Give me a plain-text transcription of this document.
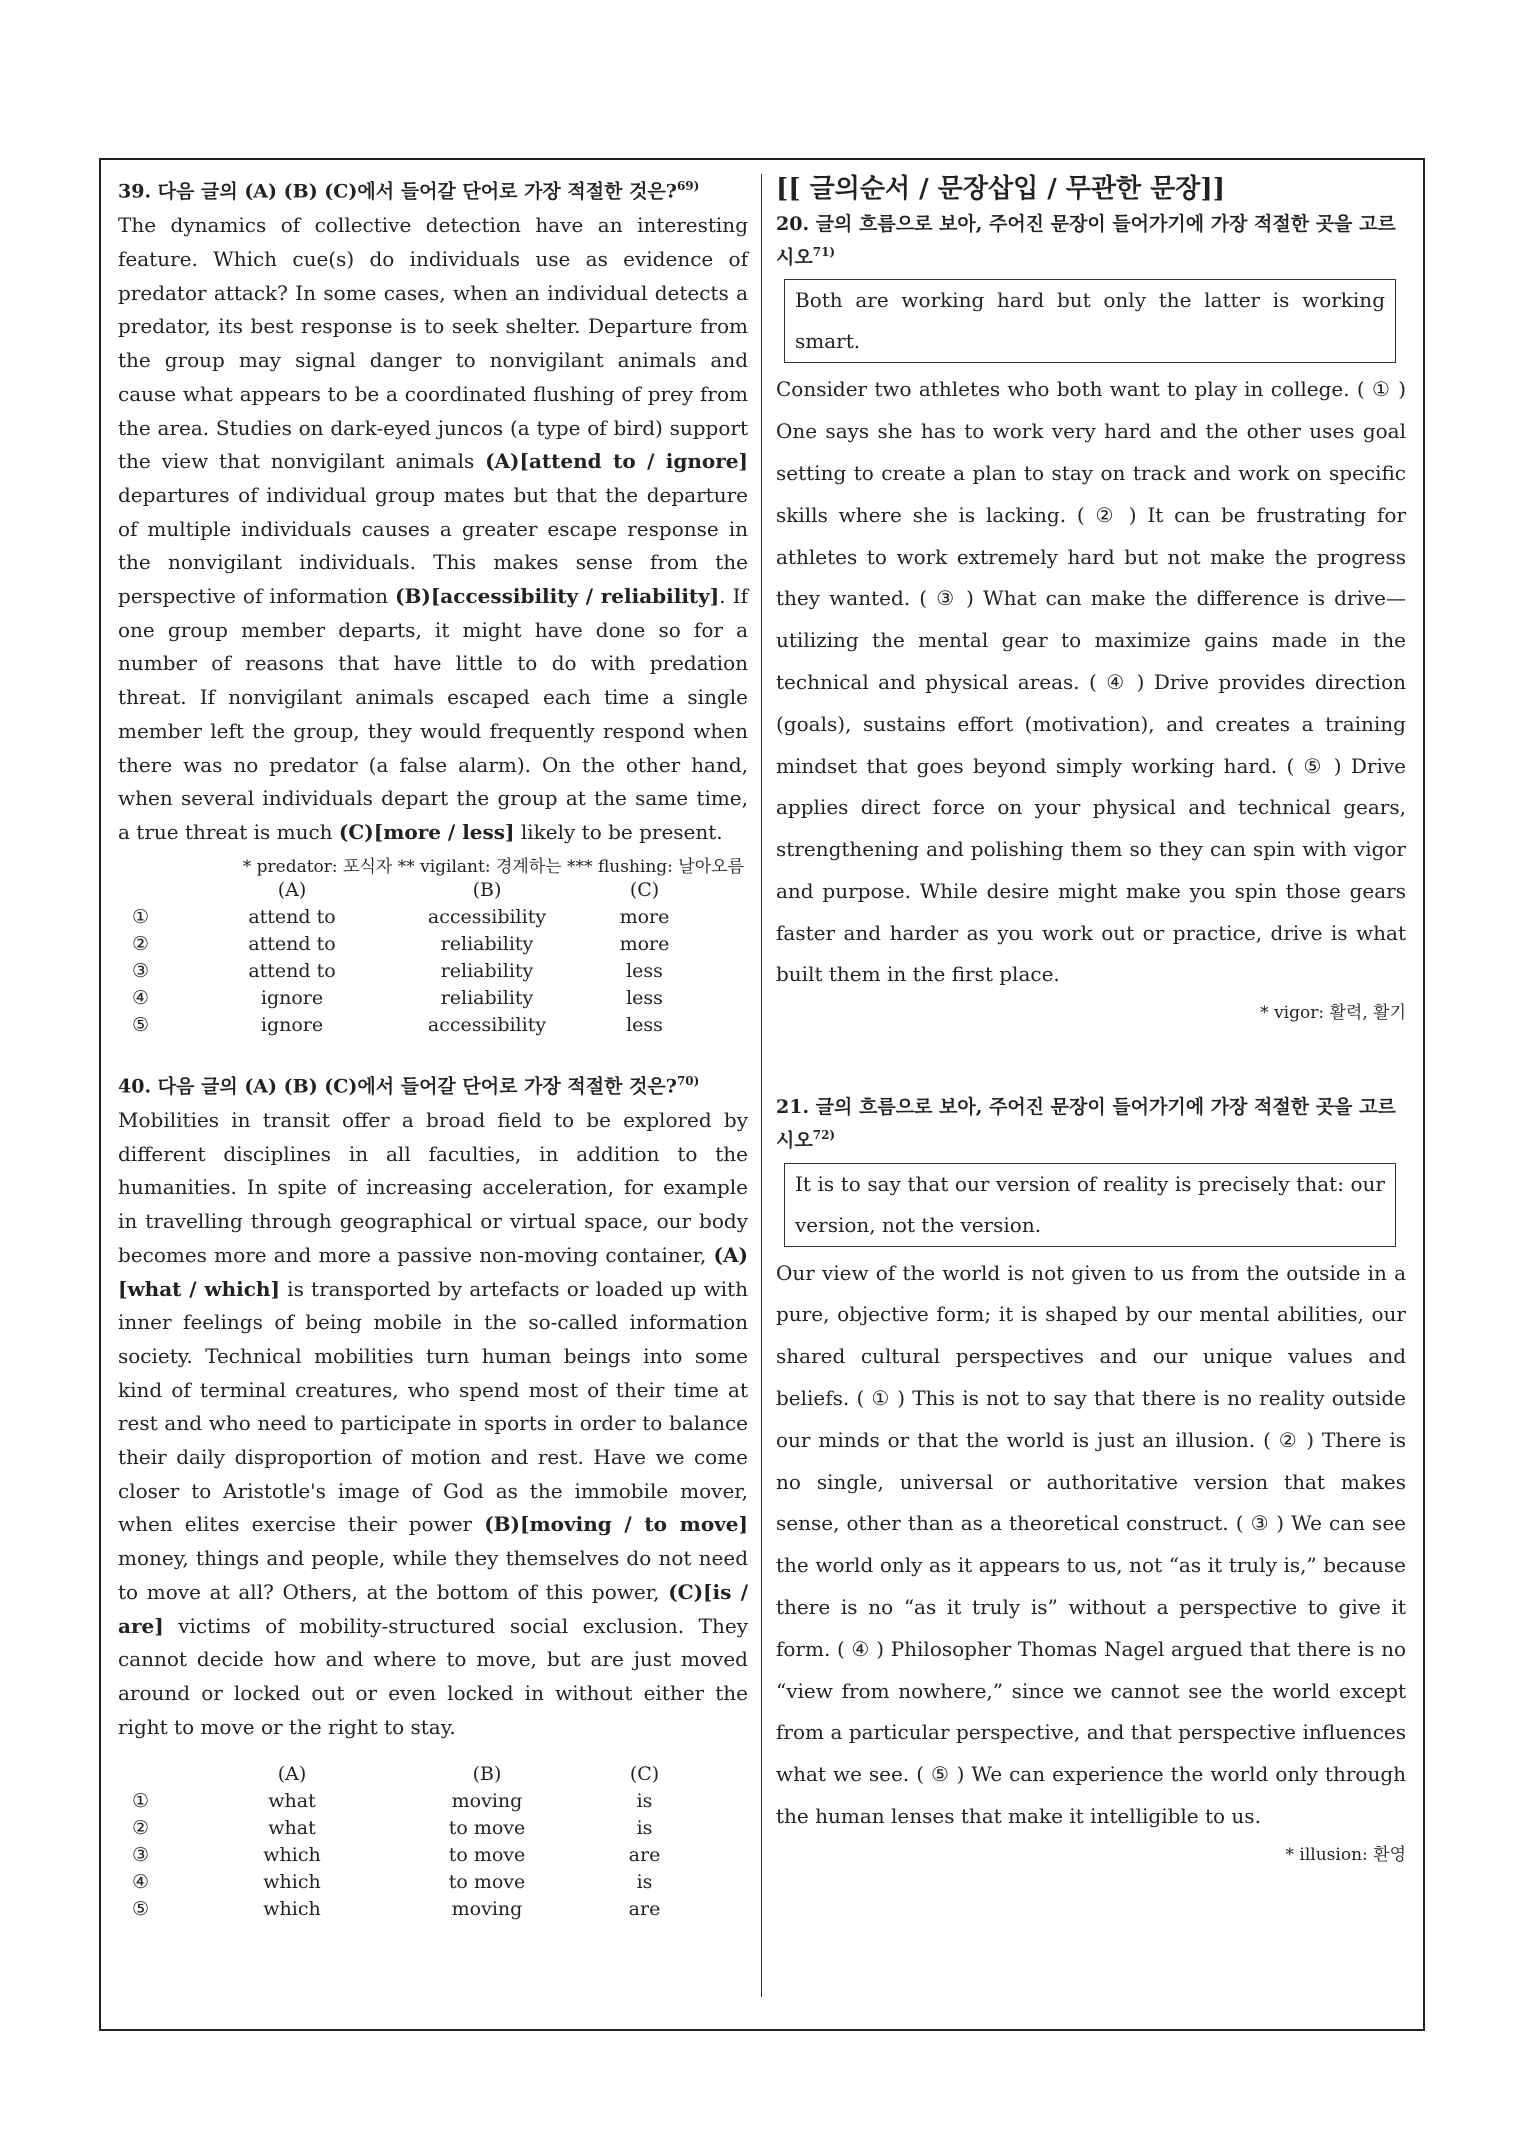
39. 다음 글의 (A) (B) (C)에서 들어갈 단어로 가장 적절한 것은?$^{69)}$

The dynamics of collective detection have an interesting feature. Which cue(s) do individuals use as evidence of predator attack? In some cases, when an individual detects a predator, its best response is to seek shelter. Departure from the group may signal danger to nonvigilant animals and cause what appears to be a coordinated flushing of prey from the area. Studies on dark-eyed juncos (a type of bird) support the view that nonvigilant animals (A)[attend to / ignore] departures of individual group mates but that the departure of multiple individuals causes a greater escape response in the nonvigilant individuals. This makes sense from the perspective of information (B)[accessibility / reliability]. If one group member departs, it might have done so for a number of reasons that have little to do with predation threat. If nonvigilant animals escaped each time a single member left the group, they would frequently respond when there was no predator (a false alarm). On the other hand, when several individuals depart the group at the same time, a true threat is much (C)[more / less] likely to be present.

* predator: 포식자 ** vigilant: 경계하는 *** flushing: 날아오름

	(A)	(B)	(C)
①	attend to	accessibility	more
②	attend to	reliability	more
③	attend to	reliability	less
④	ignore	reliability	less
⑤	ignore	accessibility	less

40. 다음 글의 (A) (B) (C)에서 들어갈 단어로 가장 적절한 것은?$^{70)}$

Mobilities in transit offer a broad field to be explored by different disciplines in all faculties, in addition to the humanities. In spite of increasing acceleration, for example in travelling through geographical or virtual space, our body becomes more and more a passive non-moving container, (A)[what / which] is transported by artefacts or loaded up with inner feelings of being mobile in the so-called information society. Technical mobilities turn human beings into some kind of terminal creatures, who spend most of their time at rest and who need to participate in sports in order to balance their daily disproportion of motion and rest. Have we come closer to Aristotle's image of God as the immobile mover, when elites exercise their power (B)[moving / to move] money, things and people, while they themselves do not need to move at all? Others, at the bottom of this power, (C)[is / are] victims of mobility-structured social exclusion. They cannot decide how and where to move, but are just moved around or locked out or even locked in without either the right to move or the right to stay.

	(A)	(B)	(C)
①	what	moving	is
②	what	to move	is
③	which	to move	are
④	which	to move	is
⑤	which	moving	are

[[ 글의순서 / 문장삽입 / 무관한 문장]]

20. 글의 흐름으로 보아, 주어진 문장이 들어가기에 가장 적절한 곳을 고르시오$^{71)}$

Both are working hard but only the latter is working smart.

Consider two athletes who both want to play in college. ( ① ) One says she has to work very hard and the other uses goal setting to create a plan to stay on track and work on specific skills where she is lacking. ( ② ) It can be frustrating for athletes to work extremely hard but not make the progress they wanted. ( ③ ) What can make the difference is drive—utilizing the mental gear to maximize gains made in the technical and physical areas. ( ④ ) Drive provides direction (goals), sustains effort (motivation), and creates a training mindset that goes beyond simply working hard. ( ⑤ ) Drive applies direct force on your physical and technical gears, strengthening and polishing them so they can spin with vigor and purpose. While desire might make you spin those gears faster and harder as you work out or practice, drive is what built them in the first place.

* vigor: 활력, 활기

21. 글의 흐름으로 보아, 주어진 문장이 들어가기에 가장 적절한 곳을 고르시오$^{72)}$

It is to say that our version of reality is precisely that: our version, not the version.

Our view of the world is not given to us from the outside in a pure, objective form; it is shaped by our mental abilities, our shared cultural perspectives and our unique values and beliefs. ( ① ) This is not to say that there is no reality outside our minds or that the world is just an illusion. ( ② ) There is no single, universal or authoritative version that makes sense, other than as a theoretical construct. ( ③ ) We can see the world only as it appears to us, not “as it truly is,” because there is no “as it truly is” without a perspective to give it form. ( ④ ) Philosopher Thomas Nagel argued that there is no “view from nowhere,” since we cannot see the world except from a particular perspective, and that perspective influences what we see. ( ⑤ ) We can experience the world only through the human lenses that make it intelligible to us.

* illusion: 환영
